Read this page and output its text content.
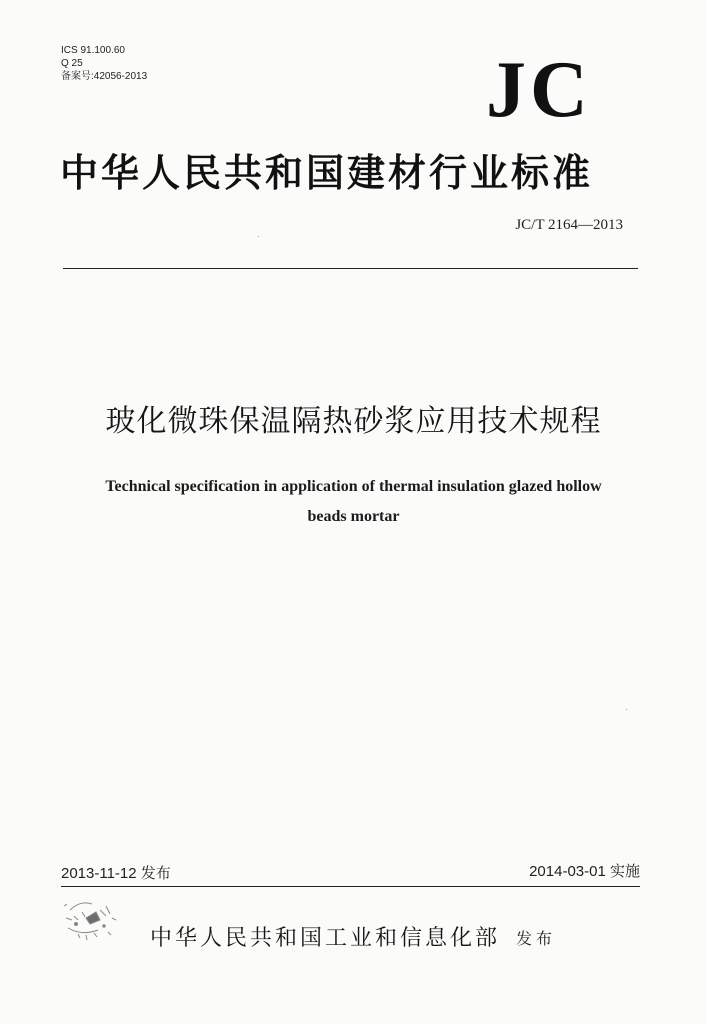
ICS 91.100.60
Q 25
备案号:42056-2013	JC
中华人民共和国建材行业标准
JC/T 2164—2013
玻化微珠保温隔热砂浆应用技术规程
Technical specification in application of thermal insulation glazed hollow
beads mortar
2013-11-12 发布	2014-03-01 实施
中华人民共和国工业和信息化部 发布
